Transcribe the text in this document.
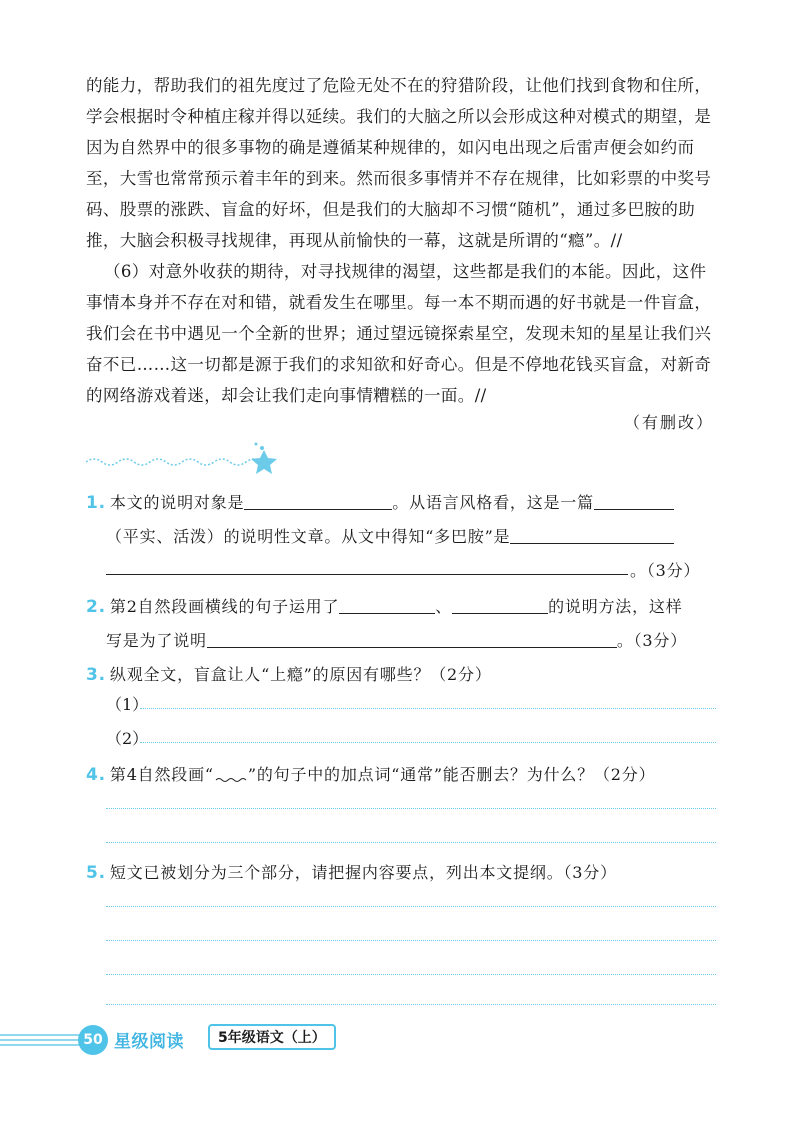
的能力，帮助我们的祖先度过了危险无处不在的狩猎阶段，让他们找到食物和住所，学会根据时令种植庄稼并得以延续。我们的大脑之所以会形成这种对模式的期望，是因为自然界中的很多事物的确是遵循某种规律的，如闪电出现之后雷声便会如约而至，大雪也常常预示着丰年的到来。然而很多事情并不存在规律，比如彩票的中奖号码、股票的涨跌、盲盒的好坏，但是我们的大脑却不习惯“随机”，通过多巴胺的助推，大脑会积极寻找规律，再现从前愉快的一幕，这就是所谓的“瘾”。//

（6）对意外收获的期待，对寻找规律的渴望，这些都是我们的本能。因此，这件事情本身并不存在对和错，就看发生在哪里。每一本不期而遇的好书就是一件盲盒，我们会在书中遇见一个全新的世界；通过望远镜探索星空，发现未知的星星让我们兴奋不已……这一切都是源于我们的求知欲和好奇心。但是不停地花钱买盲盒，对新奇的网络游戏着迷，却会让我们走向事情糟糕的一面。//

（有删改）
1. 本文的说明对象是	。从语言风格看，这是一篇
（平实、活泼）的说明性文章。从文中得知“多巴胺”是
。（3分）
2. 第2自然段画横线的句子运用了	、	的说明方法，这样
写是为了说明	。（3分）
3. 纵观全文，盲盒让人“上瘾”的原因有哪些？（2分）
（1）
（2）
4. 第4自然段画“ ”的句子中的加点词“通常”能否删去？为什么？（2分）
5. 短文已被划分为三个部分，请把握内容要点，列出本文提纲。（3分）
50 星级阅读	5年级语文（上）
